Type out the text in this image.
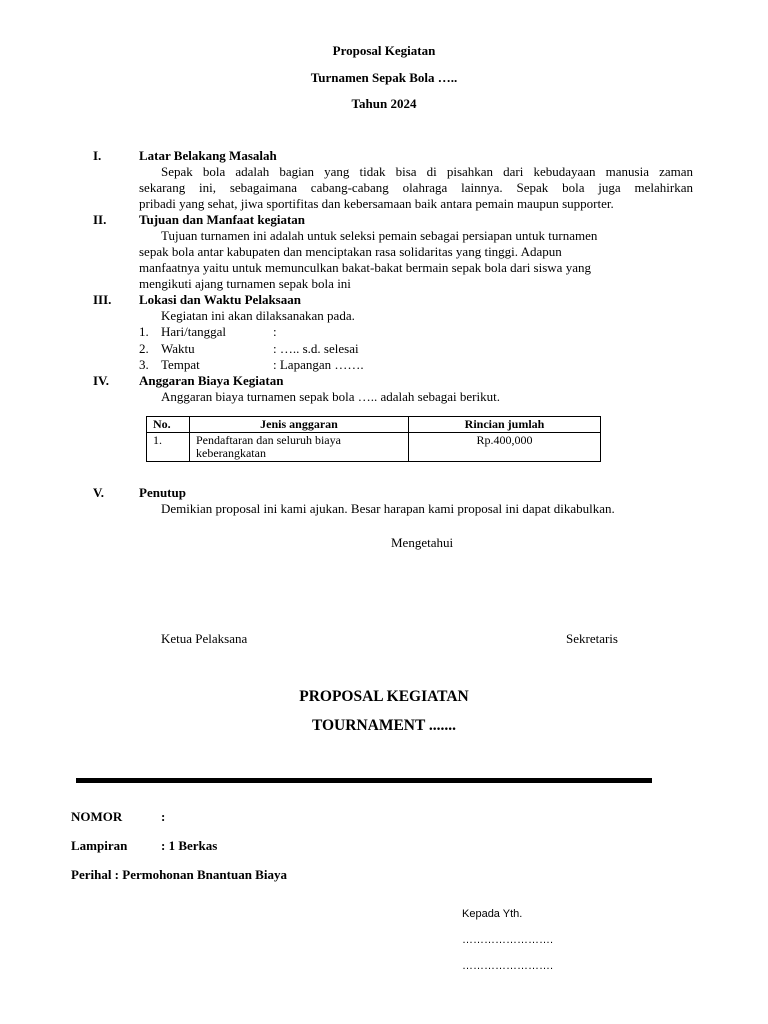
Proposal Kegiatan
Turnamen Sepak Bola …..
Tahun 2024
I.	Latar Belakang Masalah
Sepak bola adalah bagian yang tidak bisa di pisahkan dari kebudayaan manusia zaman
sekarang ini, sebagaimana cabang-cabang olahraga lainnya. Sepak bola juga melahirkan
pribadi yang sehat, jiwa sportifitas dan kebersamaan baik antara pemain maupun supporter.
II.	Tujuan dan Manfaat kegiatan
Tujuan turnamen ini adalah untuk seleksi pemain sebagai persiapan untuk turnamen
sepak bola antar kabupaten dan menciptakan rasa solidaritas yang tinggi. Adapun
manfaatnya yaitu untuk memunculkan bakat-bakat bermain sepak bola dari siswa yang
mengikuti ajang turnamen sepak bola ini
III. Lokasi dan Waktu Pelaksaan
Kegiatan ini akan dilaksanakan pada.
1. Hari/tanggal	:
2. Waktu	: ….. s.d. selesai
3. Tempat	: Lapangan …….
IV. Anggaran Biaya Kegiatan
Anggaran biaya turnamen sepak bola ….. adalah sebagai berikut.
No.	Jenis anggaran	Rincian jumlah
1.	Pendaftaran dan seluruh biaya
keberangkatan	Rp.400,000
V.	Penutup
Demikian proposal ini kami ajukan. Besar harapan kami proposal ini dapat dikabulkan.
Mengetahui
Ketua Pelaksana	Sekretaris
PROPOSAL KEGIATAN
TOURNAMENT .......
NOMOR	:
Lampiran	: 1 Berkas
Perihal : Permohonan Bnantuan Biaya
Kepada Yth.
…………………….
…………………….
